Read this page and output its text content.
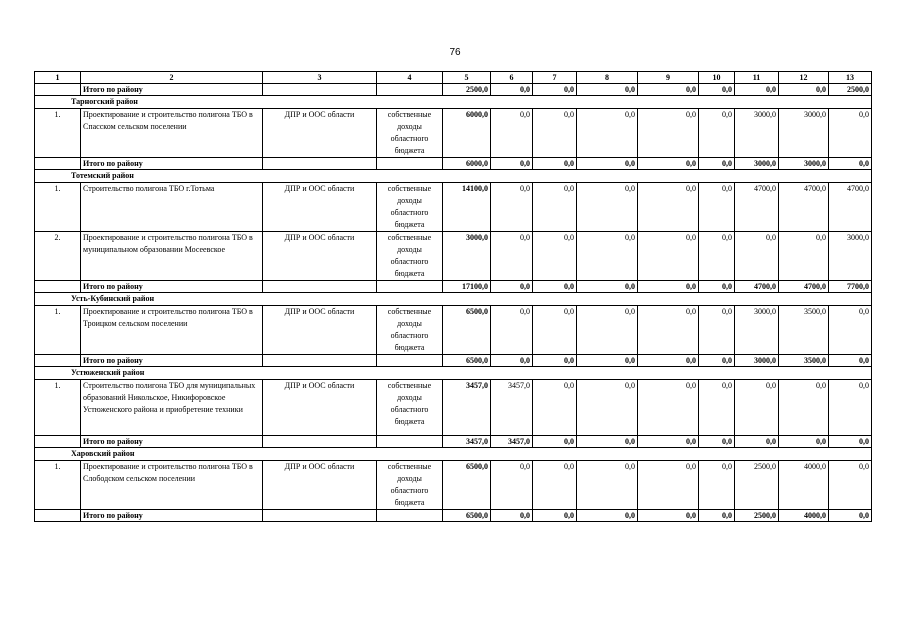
76
1	2	3	4	5	6	7	8	9	10	11	12	13
	Итого по району			2500,0	0,0	0,0	0,0	0,0	0,0	0,0	0,0	2500,0
Тарногский район												
1.	Проектирование и строительство полигона ТБО в Спасском сельском поселении	ДПР и ООС области	собственные доходы областного бюджета	6000,0	0,0	0,0	0,0	0,0	0,0	3000,0	3000,0	0,0
	Итого по району			6000,0	0,0	0,0	0,0	0,0	0,0	3000,0	3000,0	0,0
Тотемский район												
1.	Строительство полигона ТБО г.Тотьма	ДПР и ООС области	собственные доходы областного бюджета	14100,0	0,0	0,0	0,0	0,0	0,0	4700,0	4700,0	4700,0
2.	Проектирование и строительство полигона ТБО в муниципальном образовании Мосеевское	ДПР и ООС области	собственные доходы областного бюджета	3000,0	0,0	0,0	0,0	0,0	0,0	0,0	0,0	3000,0
	Итого по району			17100,0	0,0	0,0	0,0	0,0	0,0	4700,0	4700,0	7700,0
Усть-Кубинский район												
1.	Проектирование и строительство полигона ТБО в Троицком сельском поселении	ДПР и ООС области	собственные доходы областного бюджета	6500,0	0,0	0,0	0,0	0,0	0,0	3000,0	3500,0	0,0
	Итого по району			6500,0	0,0	0,0	0,0	0,0	0,0	3000,0	3500,0	0,0
Устюженский район												
1.	Строительство полигона ТБО для муниципальных образований Никольское, Никифоровское Устюженского района и приобретение техники	ДПР и ООС области	собственные доходы областного бюджета	3457,0	3457,0	0,0	0,0	0,0	0,0	0,0	0,0	0,0
	Итого по району			3457,0	3457,0	0,0	0,0	0,0	0,0	0,0	0,0	0,0
Харовский район												
1.	Проектирование и строительство полигона ТБО в Слободском сельском поселении	ДПР и ООС области	собственные доходы областного бюджета	6500,0	0,0	0,0	0,0	0,0	0,0	2500,0	4000,0	0,0
	Итого по району			6500,0	0,0	0,0	0,0	0,0	0,0	2500,0	4000,0	0,0
